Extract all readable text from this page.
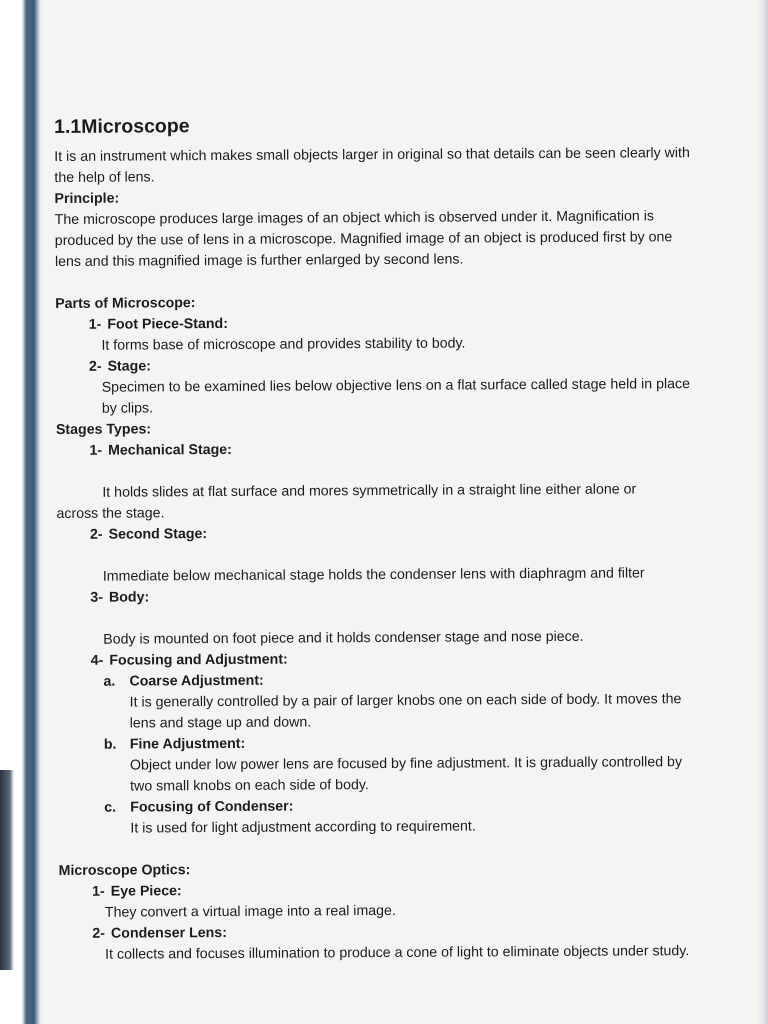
1.1Microscope

It is an instrument which makes small objects larger in original so that details can be seen clearly with the help of lens.

Principle:

The microscope produces large images of an object which is observed under it. Magnification is produced by the use of lens in a microscope. Magnified image of an object is produced first by one lens and this magnified image is further enlarged by second lens.

Parts of Microscope:

1- Foot Piece-Stand:
It forms base of microscope and provides stability to body.
2- Stage:
Specimen to be examined lies below objective lens on a flat surface called stage held in place by clips.

Stages Types:

1- Mechanical Stage:
It holds slides at flat surface and mores symmetrically in a straight line either alone or

across the stage.

2- Second Stage:
Immediate below mechanical stage holds the condenser lens with diaphragm and filter
3- Body:
Body is mounted on foot piece and it holds condenser stage and nose piece.
4- Focusing and Adjustment:
a. Coarse Adjustment:
It is generally controlled by a pair of larger knobs one on each side of body. It moves the lens and stage up and down.
b. Fine Adjustment:
Object under low power lens are focused by fine adjustment. It is gradually controlled by two small knobs on each side of body.
c. Focusing of Condenser:
It is used for light adjustment according to requirement.

Microscope Optics:

1- Eye Piece:
They convert a virtual image into a real image.
2- Condenser Lens:
It collects and focuses illumination to produce a cone of light to eliminate objects under study.
